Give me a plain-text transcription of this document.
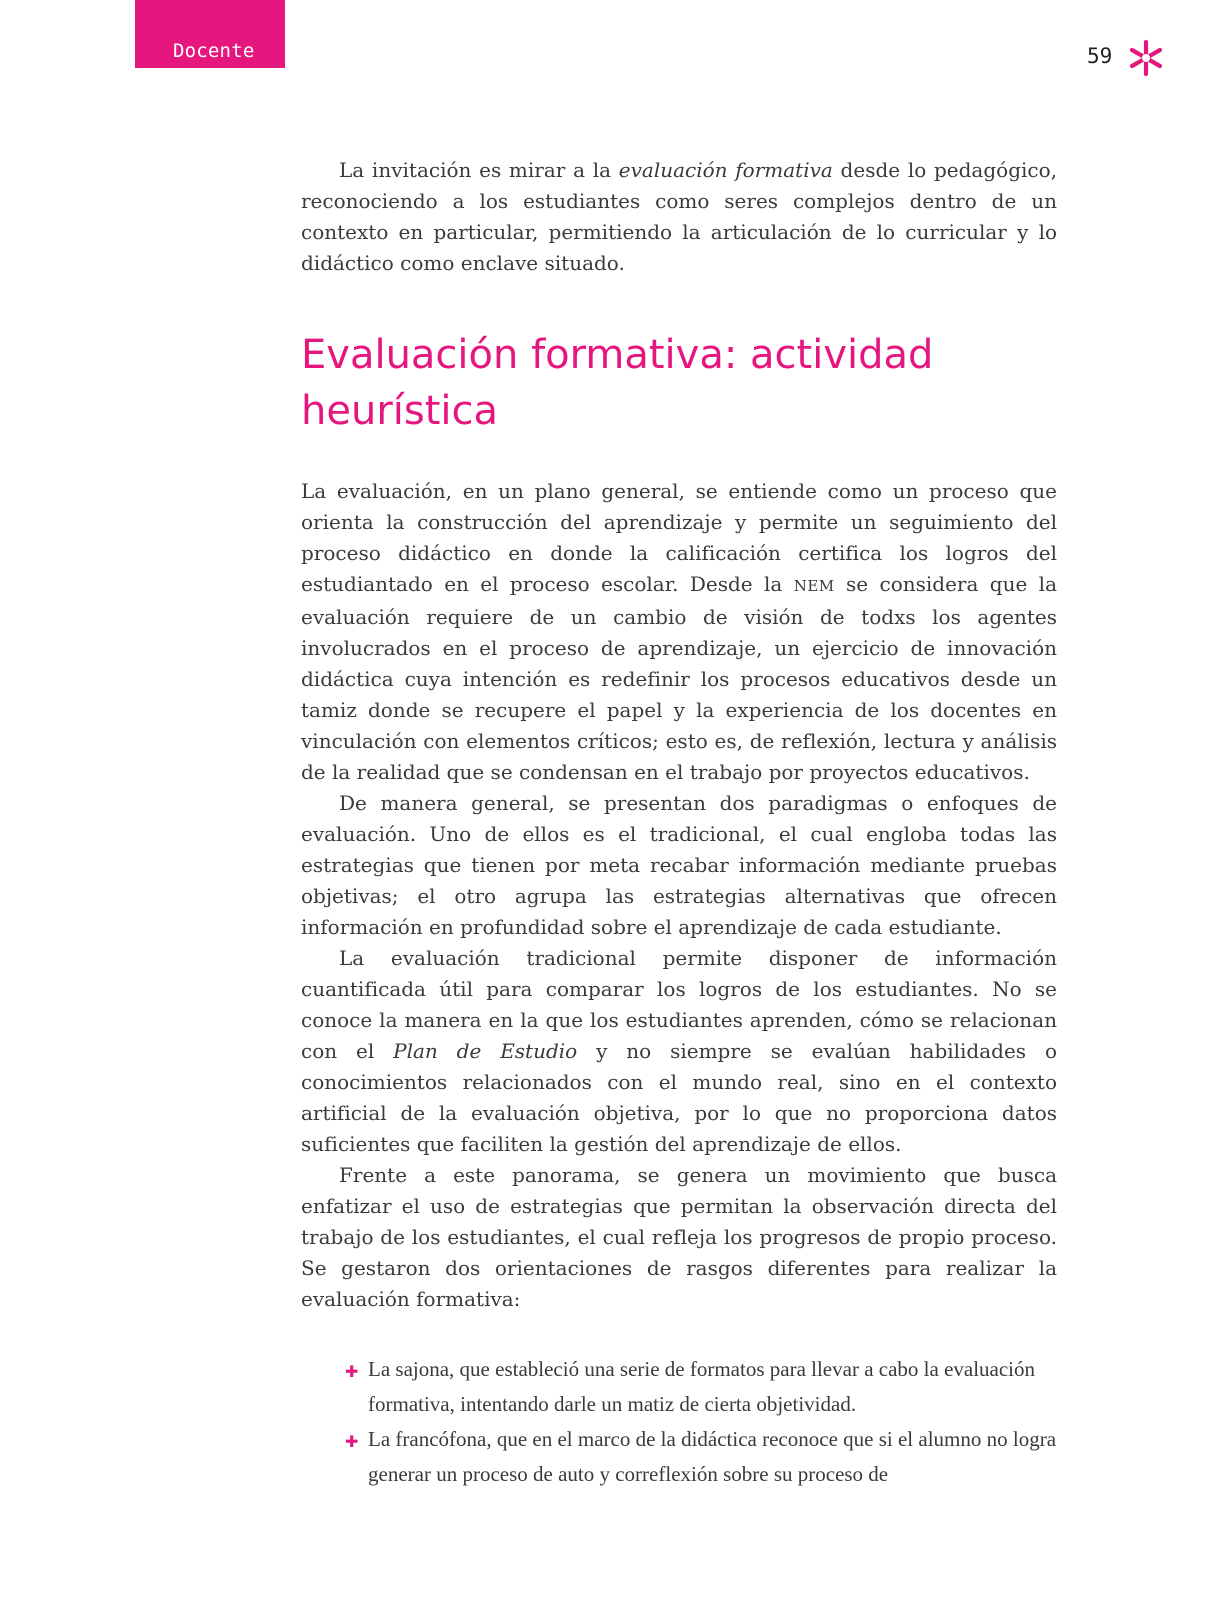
Docente	59

La invitación es mirar a la evaluación formativa desde lo pedagógico, reconociendo a los estudiantes como seres complejos dentro de un contexto en particular, permitiendo la articulación de lo curricular y lo didáctico como enclave situado.

Evaluación formativa: actividad heurística

La evaluación, en un plano general, se entiende como un proceso que orienta la construcción del aprendizaje y permite un seguimiento del proceso didáctico en donde la calificación certifica los logros del estudiantado en el proceso escolar. Desde la NEM se considera que la evaluación requiere de un cambio de visión de todxs los agentes involucrados en el proceso de aprendizaje, un ejercicio de innovación didáctica cuya intención es redefinir los procesos educativos desde un tamiz donde se recupere el papel y la experiencia de los docentes en vinculación con elementos críticos; esto es, de reflexión, lectura y análisis de la realidad que se condensan en el trabajo por proyectos educativos.

De manera general, se presentan dos paradigmas o enfoques de evaluación. Uno de ellos es el tradicional, el cual engloba todas las estrategias que tienen por meta recabar información mediante pruebas objetivas; el otro agrupa las estrategias alternativas que ofrecen información en profundidad sobre el aprendizaje de cada estudiante.

La evaluación tradicional permite disponer de información cuantificada útil para comparar los logros de los estudiantes. No se conoce la manera en la que los estudiantes aprenden, cómo se relacionan con el Plan de Estudio y no siempre se evalúan habilidades o conocimientos relacionados con el mundo real, sino en el contexto artificial de la evaluación objetiva, por lo que no proporciona datos suficientes que faciliten la gestión del aprendizaje de ellos.

Frente a este panorama, se genera un movimiento que busca enfatizar el uso de estrategias que permitan la observación directa del trabajo de los estudiantes, el cual refleja los progresos de propio proceso. Se gestaron dos orientaciones de rasgos diferentes para realizar la evaluación formativa:

✚ La sajona, que estableció una serie de formatos para llevar a cabo la evaluación formativa, intentando darle un matiz de cierta objetividad.
✚ La francófona, que en el marco de la didáctica reconoce que si el alumno no logra generar un proceso de auto y correflexión sobre su proceso de
